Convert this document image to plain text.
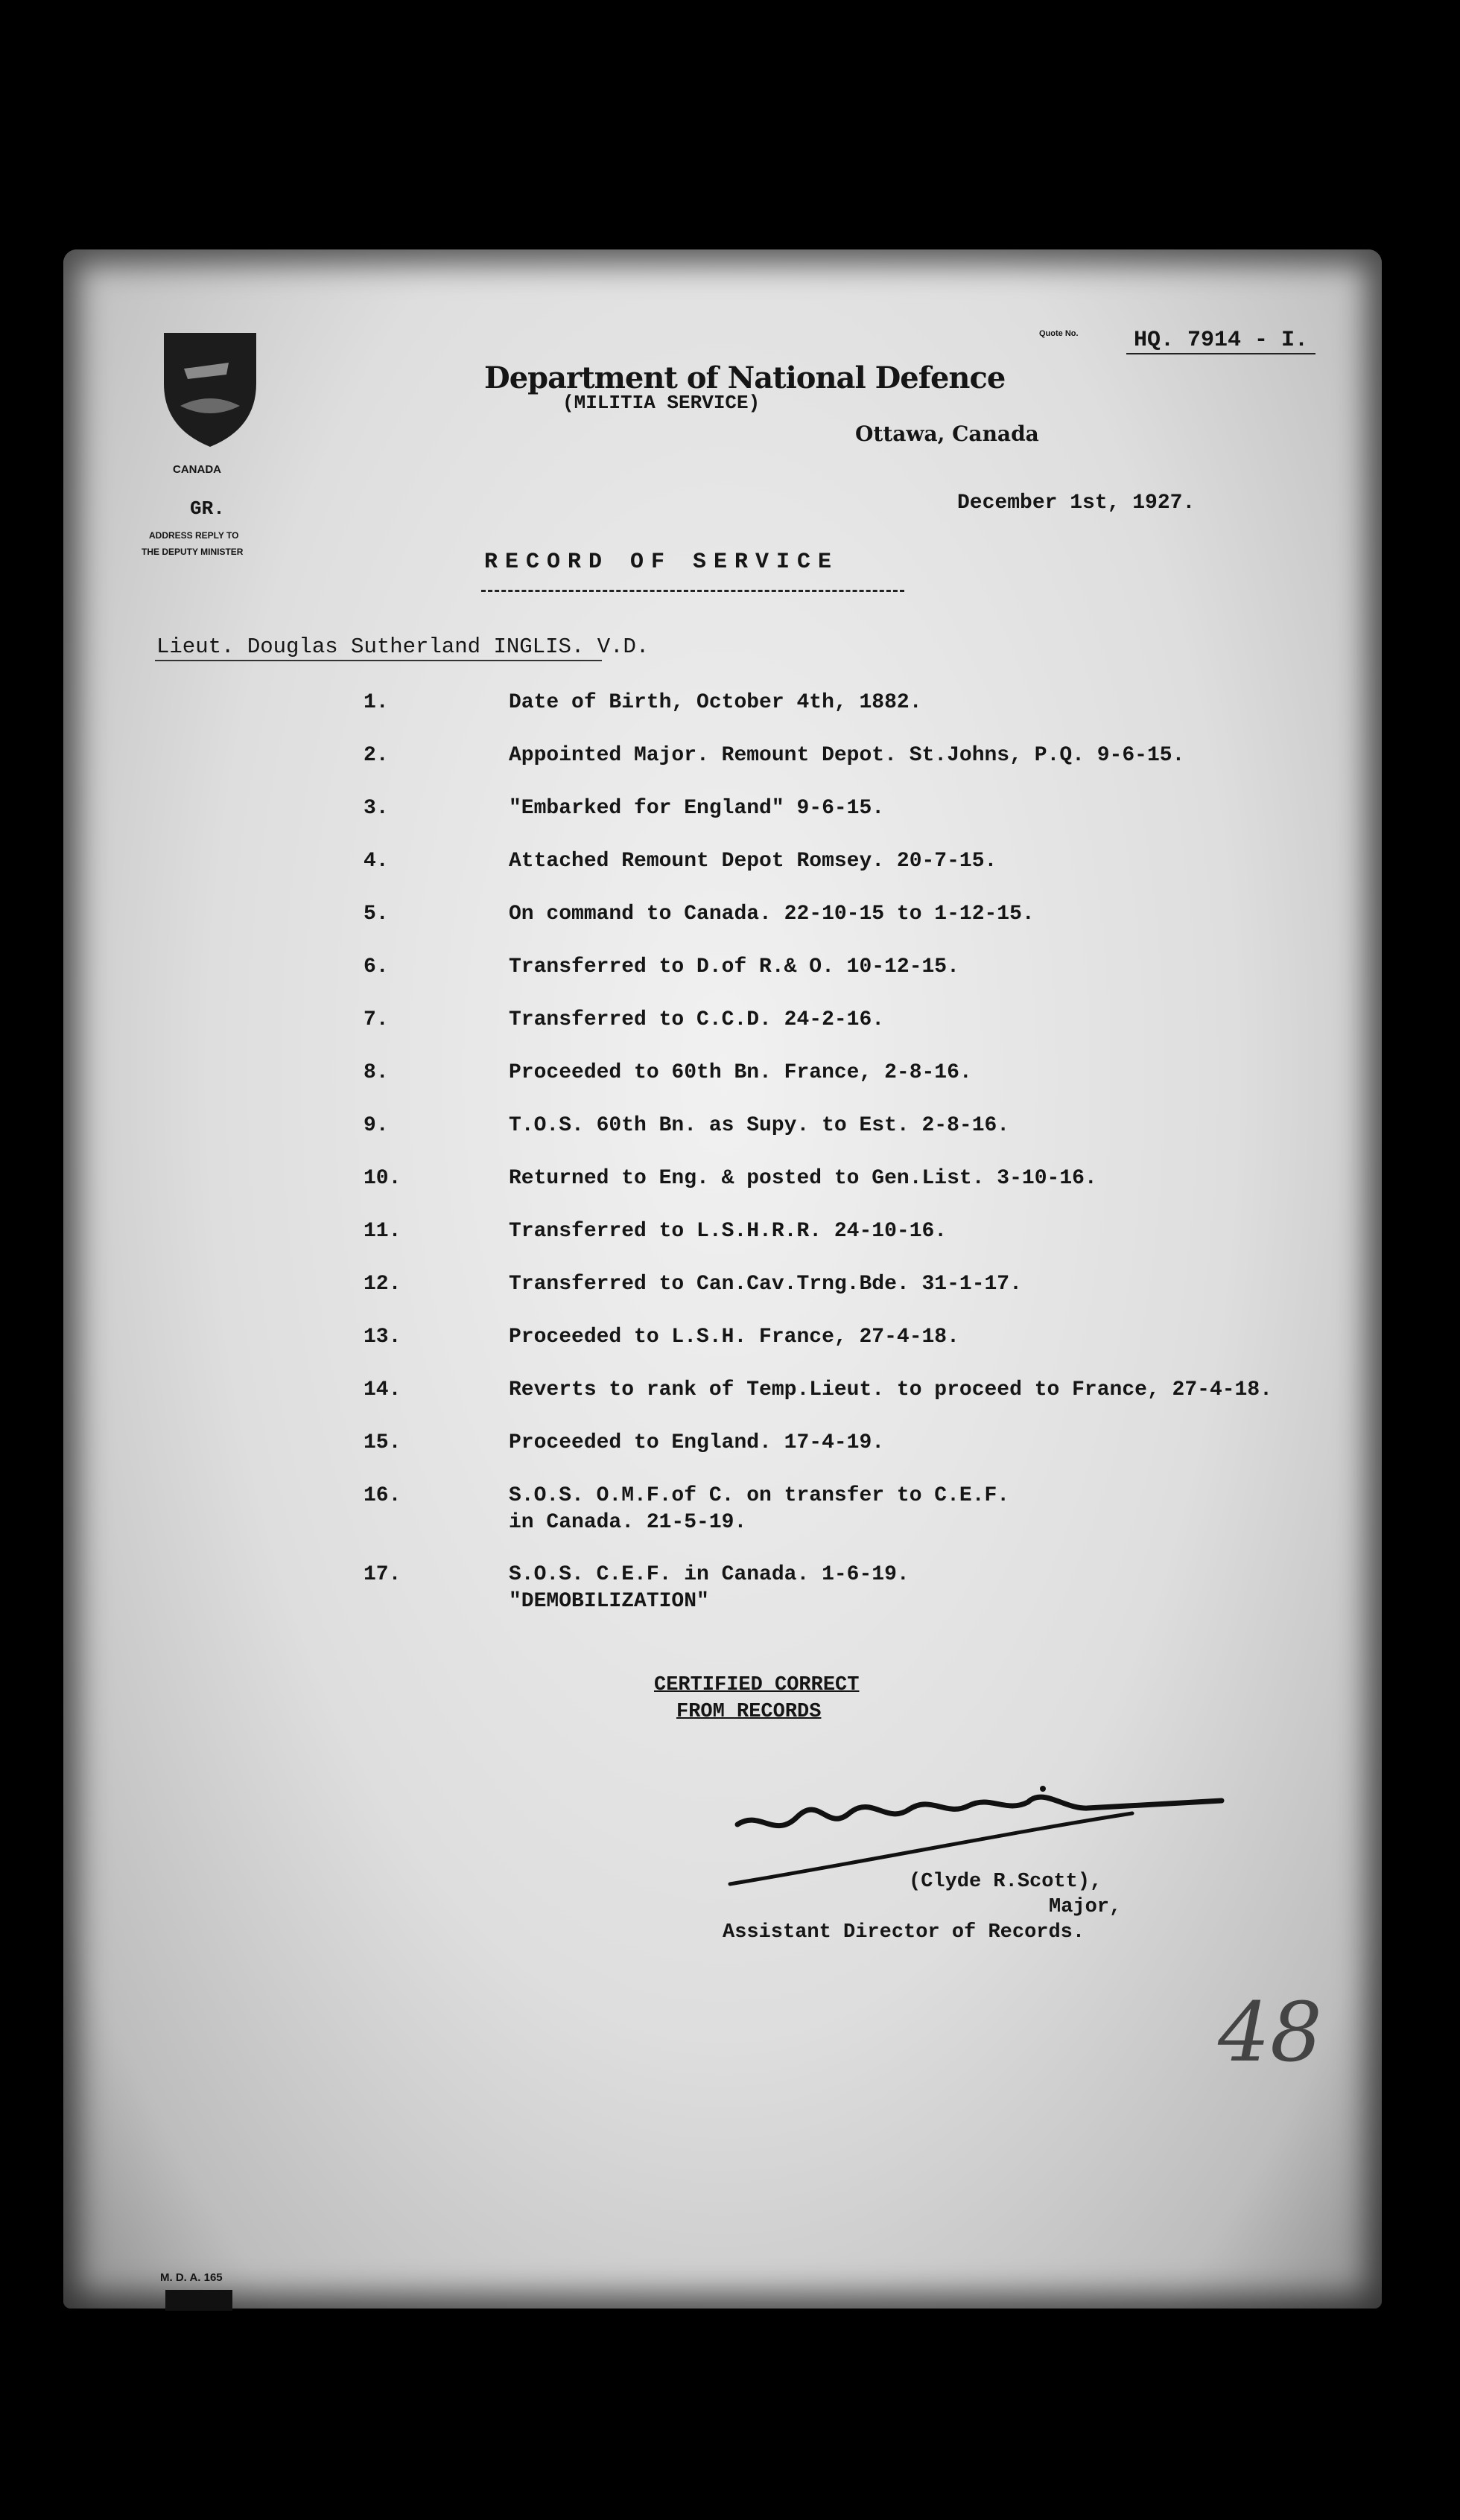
CANADA
GR.
ADDRESS REPLY TO
THE DEPUTY MINISTER
Quote No.	HQ. 7914 - I.
Department of National Defence
(MILITIA SERVICE)
Ottawa, Canada
December 1st, 1927.
RECORD OF SERVICE
Lieut. Douglas Sutherland INGLIS. V.D.
1.	Date of Birth, October 4th, 1882.
2.	Appointed Major. Remount Depot. St.Johns, P.Q. 9-6-15.
3.	"Embarked for England" 9-6-15.
4.	Attached Remount Depot Romsey. 20-7-15.
5.	On command to Canada. 22-10-15 to 1-12-15.
6.	Transferred to D.of R.& O. 10-12-15.
7.	Transferred to C.C.D. 24-2-16.
8.	Proceeded to 60th Bn. France, 2-8-16.
9.	T.O.S. 60th Bn. as Supy. to Est. 2-8-16.
10.	Returned to Eng. & posted to Gen.List. 3-10-16.
11.	Transferred to L.S.H.R.R. 24-10-16.
12.	Transferred to Can.Cav.Trng.Bde. 31-1-17.
13.	Proceeded to L.S.H. France, 27-4-18.
14.	Reverts to rank of Temp.Lieut. to proceed to France, 27-4-18.
15.	Proceeded to England. 17-4-19.
16.	S.O.S. O.M.F.of C. on transfer to C.E.F.
in Canada. 21-5-19.
17.	S.O.S. C.E.F. in Canada. 1-6-19.
"DEMOBILIZATION"
CERTIFIED CORRECT
FROM RECORDS
(Clyde R.Scott),
Major,
Assistant Director of Records.
48
M. D. A. 165
